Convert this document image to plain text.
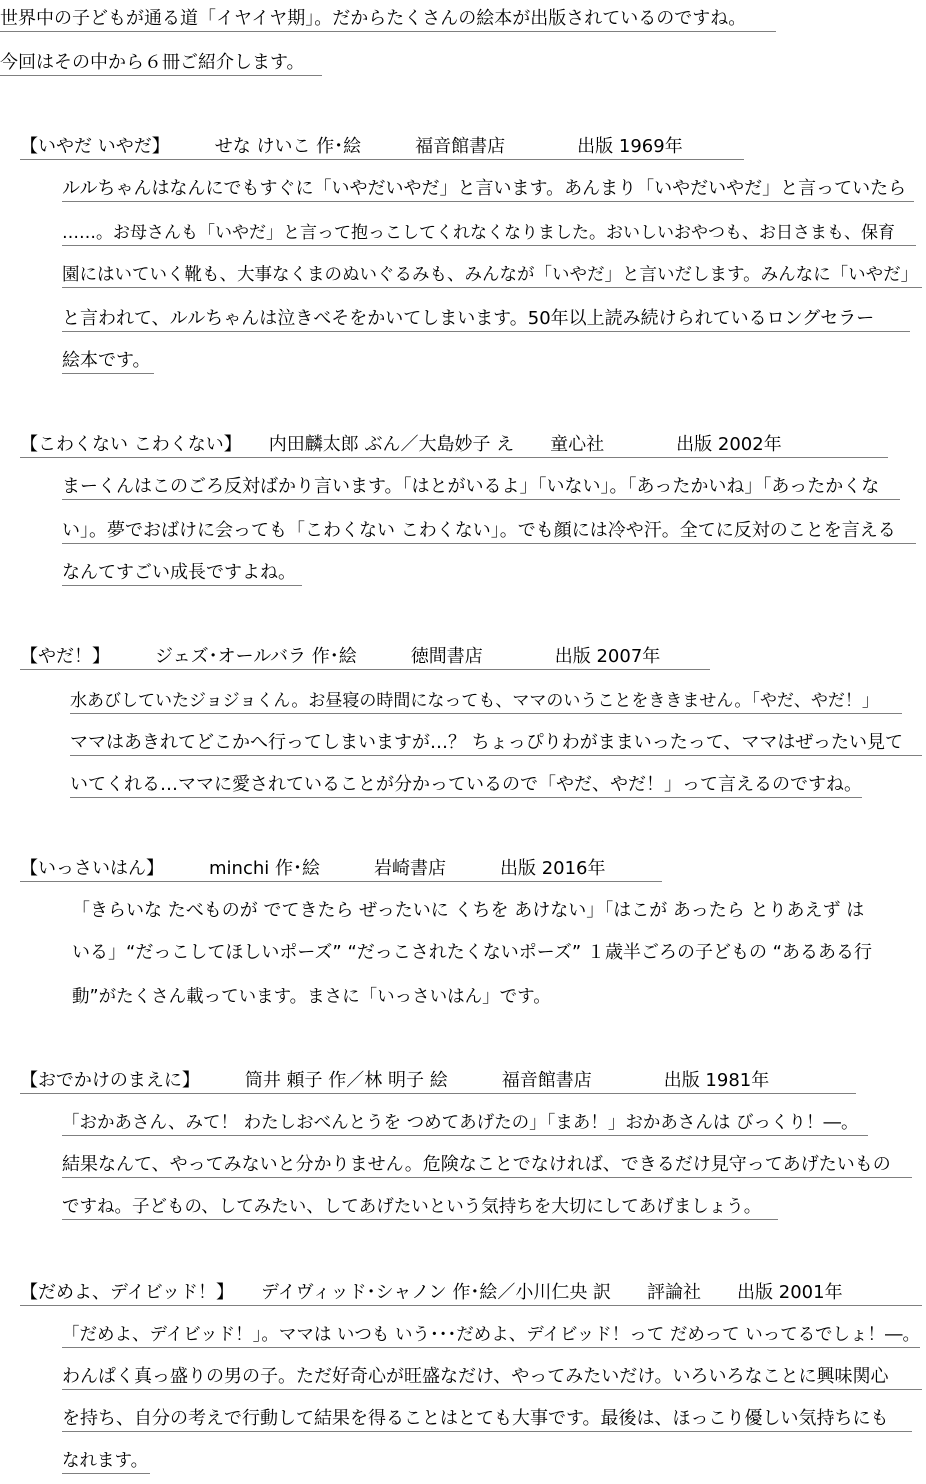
世界中の子どもが通る道「イヤイヤ期」。だからたくさんの絵本が出版されているのですね。
今回はその中から６冊ご紹介します。
【いやだ いやだ】　　　せな けいこ 作･絵　　　福音館書店　　　　出版 1969年
ルルちゃんはなんにでもすぐに「いやだいやだ」と言います。あんまり「いやだいやだ」と言っていたら
……。お母さんも「いやだ」と言って抱っこしてくれなくなりました。おいしいおやつも、お日さまも、保育
園にはいていく靴も、大事なくまのぬいぐるみも、みんなが「いやだ」と言いだします。みんなに「いやだ」
と言われて、ルルちゃんは泣きべそをかいてしまいます。50年以上読み続けられているロングセラー
絵本です。
【こわくない こわくない】　　内田麟太郎 ぶん／大島妙子 え　　童心社　　　　出版 2002年
まーくんはこのごろ反対ばかり言います。「はとがいるよ」「いない」。「あったかいね」「あったかくな
い」。夢でおばけに会っても「こわくない こわくない」。でも顔には冷や汗。全てに反対のことを言える
なんてすごい成長ですよね。
【やだ！】　　　ジェズ･オールバラ 作･絵　　　徳間書店　　　　出版 2007年
水あびしていたジョジョくん。お昼寝の時間になっても、ママのいうことをききません。「やだ、やだ！」
ママはあきれてどこかへ行ってしまいますが…？ ちょっぴりわがままいったって、ママはぜったい見て
いてくれる…ママに愛されていることが分かっているので「やだ、やだ！」って言えるのですね。
【いっさいはん】　　　minchi 作･絵　　　岩崎書店　　　出版 2016年
「きらいな たべものが でてきたら ぜったいに くちを あけない」「はこが あったら とりあえず は
いる」“だっこしてほしいポーズ” “だっこされたくないポーズ” １歳半ごろの子どもの “あるある行
動”がたくさん載っています。まさに「いっさいはん」です。
【おでかけのまえに】　　　筒井 頼子 作／林 明子 絵　　　福音館書店　　　　出版 1981年
「おかあさん、みて！ わたしおべんとうを つめてあげたの」「まあ！」おかあさんは びっくり！―。
結果なんて、やってみないと分かりません。危険なことでなければ、できるだけ見守ってあげたいもの
ですね。子どもの、してみたい、してあげたいという気持ちを大切にしてあげましょう。
【だめよ、デイビッド！】　　デイヴィッド･シャノン 作･絵／小川仁央 訳　　評論社　　出版 2001年
「だめよ、デイビッド！」。ママは いつも いう･･･だめよ、デイビッド！って だめって いってるでしょ！―。
わんぱく真っ盛りの男の子。ただ好奇心が旺盛なだけ、やってみたいだけ。いろいろなことに興味関心
を持ち、自分の考えで行動して結果を得ることはとても大事です。最後は、ほっこり優しい気持ちにも
なれます。
